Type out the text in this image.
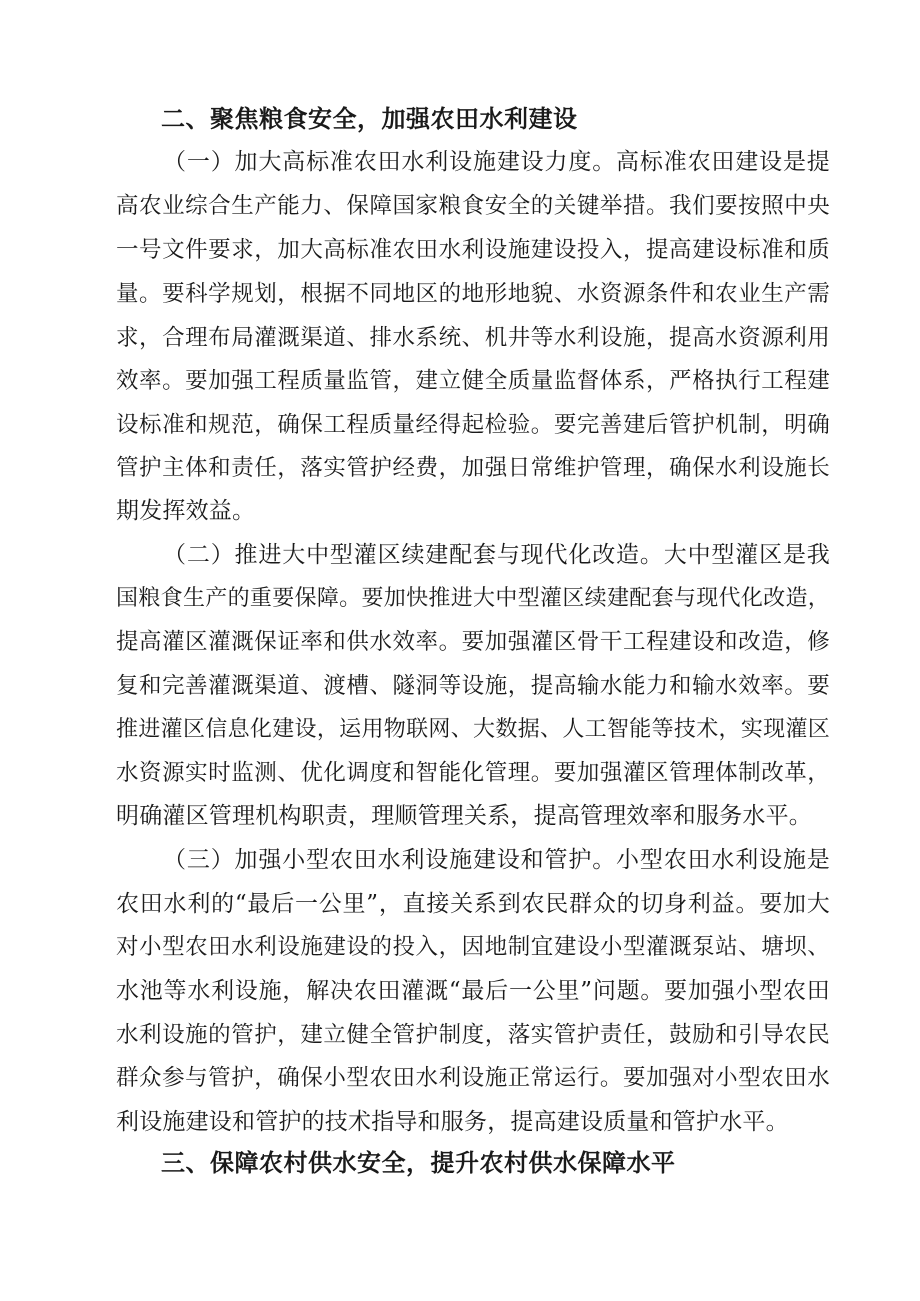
二、聚焦粮食安全，加强农田水利建设
（一）加大高标准农田水利设施建设力度。高标准农田建设是提
高农业综合生产能力、保障国家粮食安全的关键举措。我们要按照中央
一号文件要求，加大高标准农田水利设施建设投入，提高建设标准和质
量。要科学规划，根据不同地区的地形地貌、水资源条件和农业生产需
求，合理布局灌溉渠道、排水系统、机井等水利设施，提高水资源利用
效率。要加强工程质量监管，建立健全质量监督体系，严格执行工程建
设标准和规范，确保工程质量经得起检验。要完善建后管护机制，明确
管护主体和责任，落实管护经费，加强日常维护管理，确保水利设施长
期发挥效益。
（二）推进大中型灌区续建配套与现代化改造。大中型灌区是我
国粮食生产的重要保障。要加快推进大中型灌区续建配套与现代化改造，
提高灌区灌溉保证率和供水效率。要加强灌区骨干工程建设和改造，修
复和完善灌溉渠道、渡槽、隧洞等设施，提高输水能力和输水效率。要
推进灌区信息化建设，运用物联网、大数据、人工智能等技术，实现灌区
水资源实时监测、优化调度和智能化管理。要加强灌区管理体制改革，
明确灌区管理机构职责，理顺管理关系，提高管理效率和服务水平。
（三）加强小型农田水利设施建设和管护。小型农田水利设施是
农田水利的“最后一公里”，直接关系到农民群众的切身利益。要加大
对小型农田水利设施建设的投入，因地制宜建设小型灌溉泵站、塘坝、
水池等水利设施，解决农田灌溉“最后一公里”问题。要加强小型农田
水利设施的管护，建立健全管护制度，落实管护责任，鼓励和引导农民
群众参与管护，确保小型农田水利设施正常运行。要加强对小型农田水
利设施建设和管护的技术指导和服务，提高建设质量和管护水平。
三、保障农村供水安全，提升农村供水保障水平
